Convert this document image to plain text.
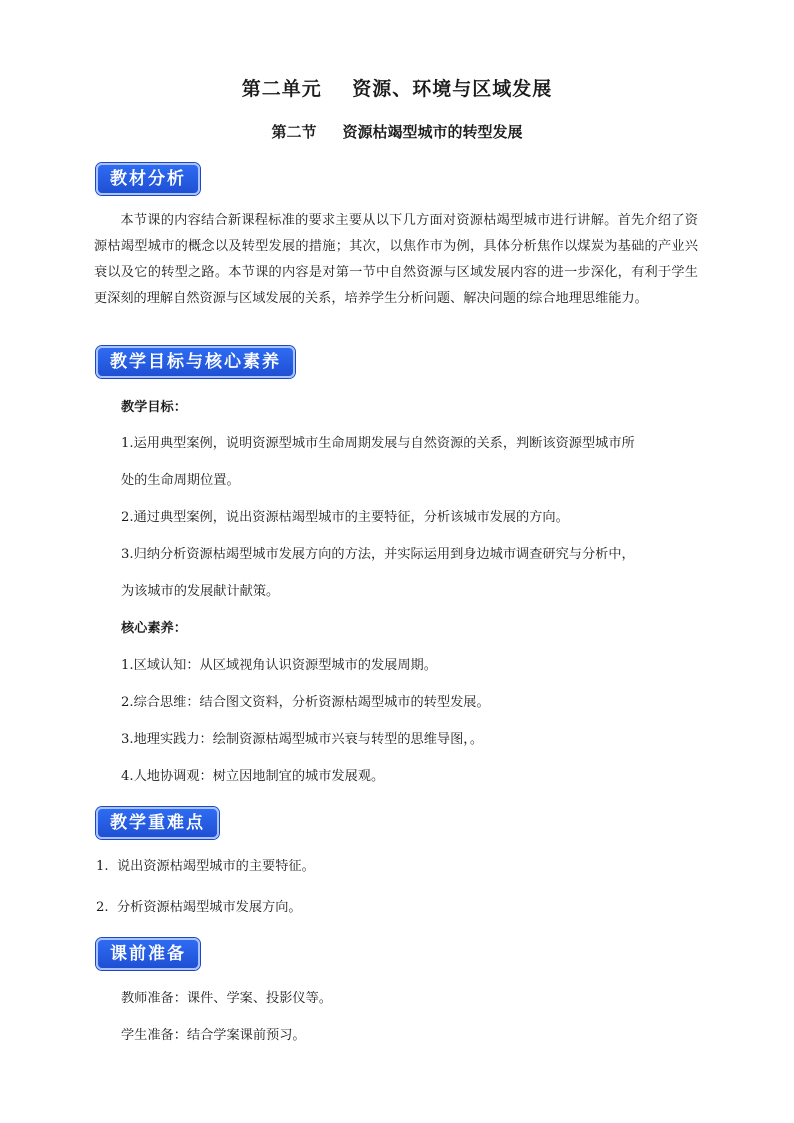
第二单元    资源、环境与区域发展
第二节 资源枯竭型城市的转型发展
教材分析
本节课的内容结合新课程标准的要求主要从以下几方面对资源枯竭型城市进行讲解。首先介绍了资源枯竭型城市的概念以及转型发展的措施；其次，以焦作市为例，具体分析焦作以煤炭为基础的产业兴衰以及它的转型之路。本节课的内容是对第一节中自然资源与区域发展内容的进一步深化，有利于学生更深刻的理解自然资源与区域发展的关系，培养学生分析问题、解决问题的综合地理思维能力。
教学目标与核心素养
教学目标：
1.运用典型案例，说明资源型城市生命周期发展与自然资源的关系，判断该资源型城市所
处的生命周期位置。
2.通过典型案例，说出资源枯竭型城市的主要特征，分析该城市发展的方向。
3.归纳分析资源枯竭型城市发展方向的方法，并实际运用到身边城市调查研究与分析中，
为该城市的发展献计献策。
核心素养：
1.区域认知：从区域视角认识资源型城市的发展周期。
2.综合思维：结合图文资料，分析资源枯竭型城市的转型发展。
3.地理实践力：绘制资源枯竭型城市兴衰与转型的思维导图，。
4.人地协调观：树立因地制宜的城市发展观。
教学重难点
1.  说出资源枯竭型城市的主要特征。
2.  分析资源枯竭型城市发展方向。
课前准备
教师准备：课件、学案、投影仪等。
学生准备：结合学案课前预习。
